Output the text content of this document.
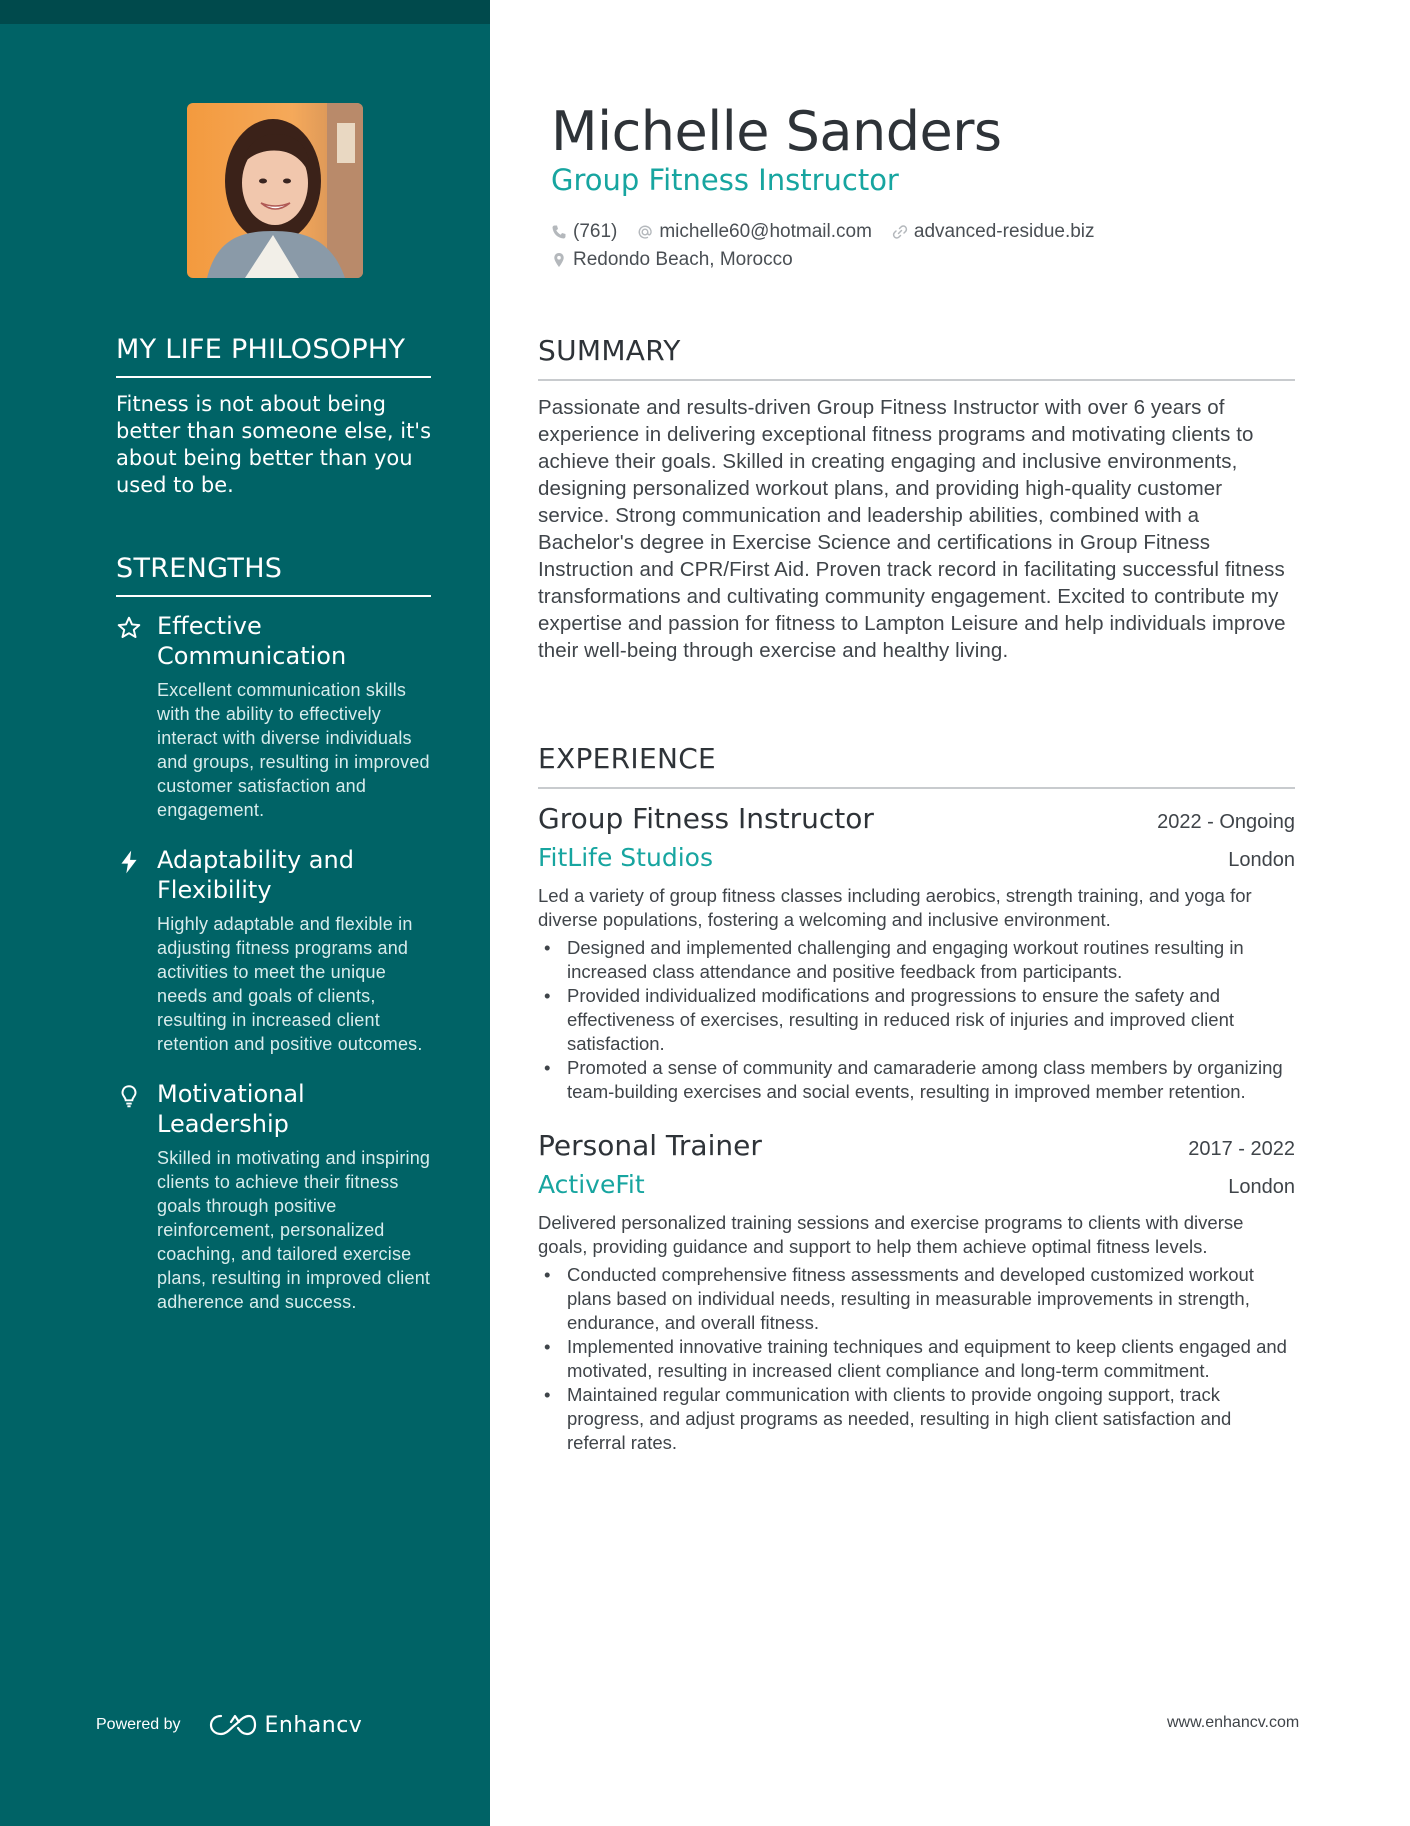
MY LIFE PHILOSOPHY

Fitness is not about being better than someone else, it's about being better than you used to be.

STRENGTHS
Effective Communication
Excellent communication skills with the ability to effectively interact with diverse individuals and groups, resulting in improved customer satisfaction and engagement.
Adaptability and Flexibility
Highly adaptable and flexible in adjusting fitness programs and activities to meet the unique needs and goals of clients, resulting in increased client retention and positive outcomes.
Motivational Leadership
Skilled in motivating and inspiring clients to achieve their fitness goals through positive reinforcement, personalized coaching, and tailored exercise plans, resulting in improved client adherence and success.
Powered by	Enhancv
Michelle Sanders
Group Fitness Instructor
(761) michelle60@hotmail.com advanced-residue.biz
Redondo Beach, Morocco
SUMMARY

Passionate and results-driven Group Fitness Instructor with over 6 years of experience in delivering exceptional fitness programs and motivating clients to achieve their goals. Skilled in creating engaging and inclusive environments, designing personalized workout plans, and providing high-quality customer service. Strong communication and leadership abilities, combined with a Bachelor's degree in Exercise Science and certifications in Group Fitness Instruction and CPR/First Aid. Proven track record in facilitating successful fitness transformations and cultivating community engagement. Excited to contribute my expertise and passion for fitness to Lampton Leisure and help individuals improve their well-being through exercise and healthy living.

EXPERIENCE
Group Fitness Instructor	2022 - Ongoing
FitLife Studios	London

Led a variety of group fitness classes including aerobics, strength training, and yoga for diverse populations, fostering a welcoming and inclusive environment.

• Designed and implemented challenging and engaging workout routines resulting in increased class attendance and positive feedback from participants.
• Provided individualized modifications and progressions to ensure the safety and effectiveness of exercises, resulting in reduced risk of injuries and improved client satisfaction.
• Promoted a sense of community and camaraderie among class members by organizing team-building exercises and social events, resulting in improved member retention.
Personal Trainer	2017 - 2022
ActiveFit	London

Delivered personalized training sessions and exercise programs to clients with diverse goals, providing guidance and support to help them achieve optimal fitness levels.

• Conducted comprehensive fitness assessments and developed customized workout plans based on individual needs, resulting in measurable improvements in strength, endurance, and overall fitness.
• Implemented innovative training techniques and equipment to keep clients engaged and motivated, resulting in increased client compliance and long-term commitment.
• Maintained regular communication with clients to provide ongoing support, track progress, and adjust programs as needed, resulting in high client satisfaction and referral rates.
www.enhancv.com
